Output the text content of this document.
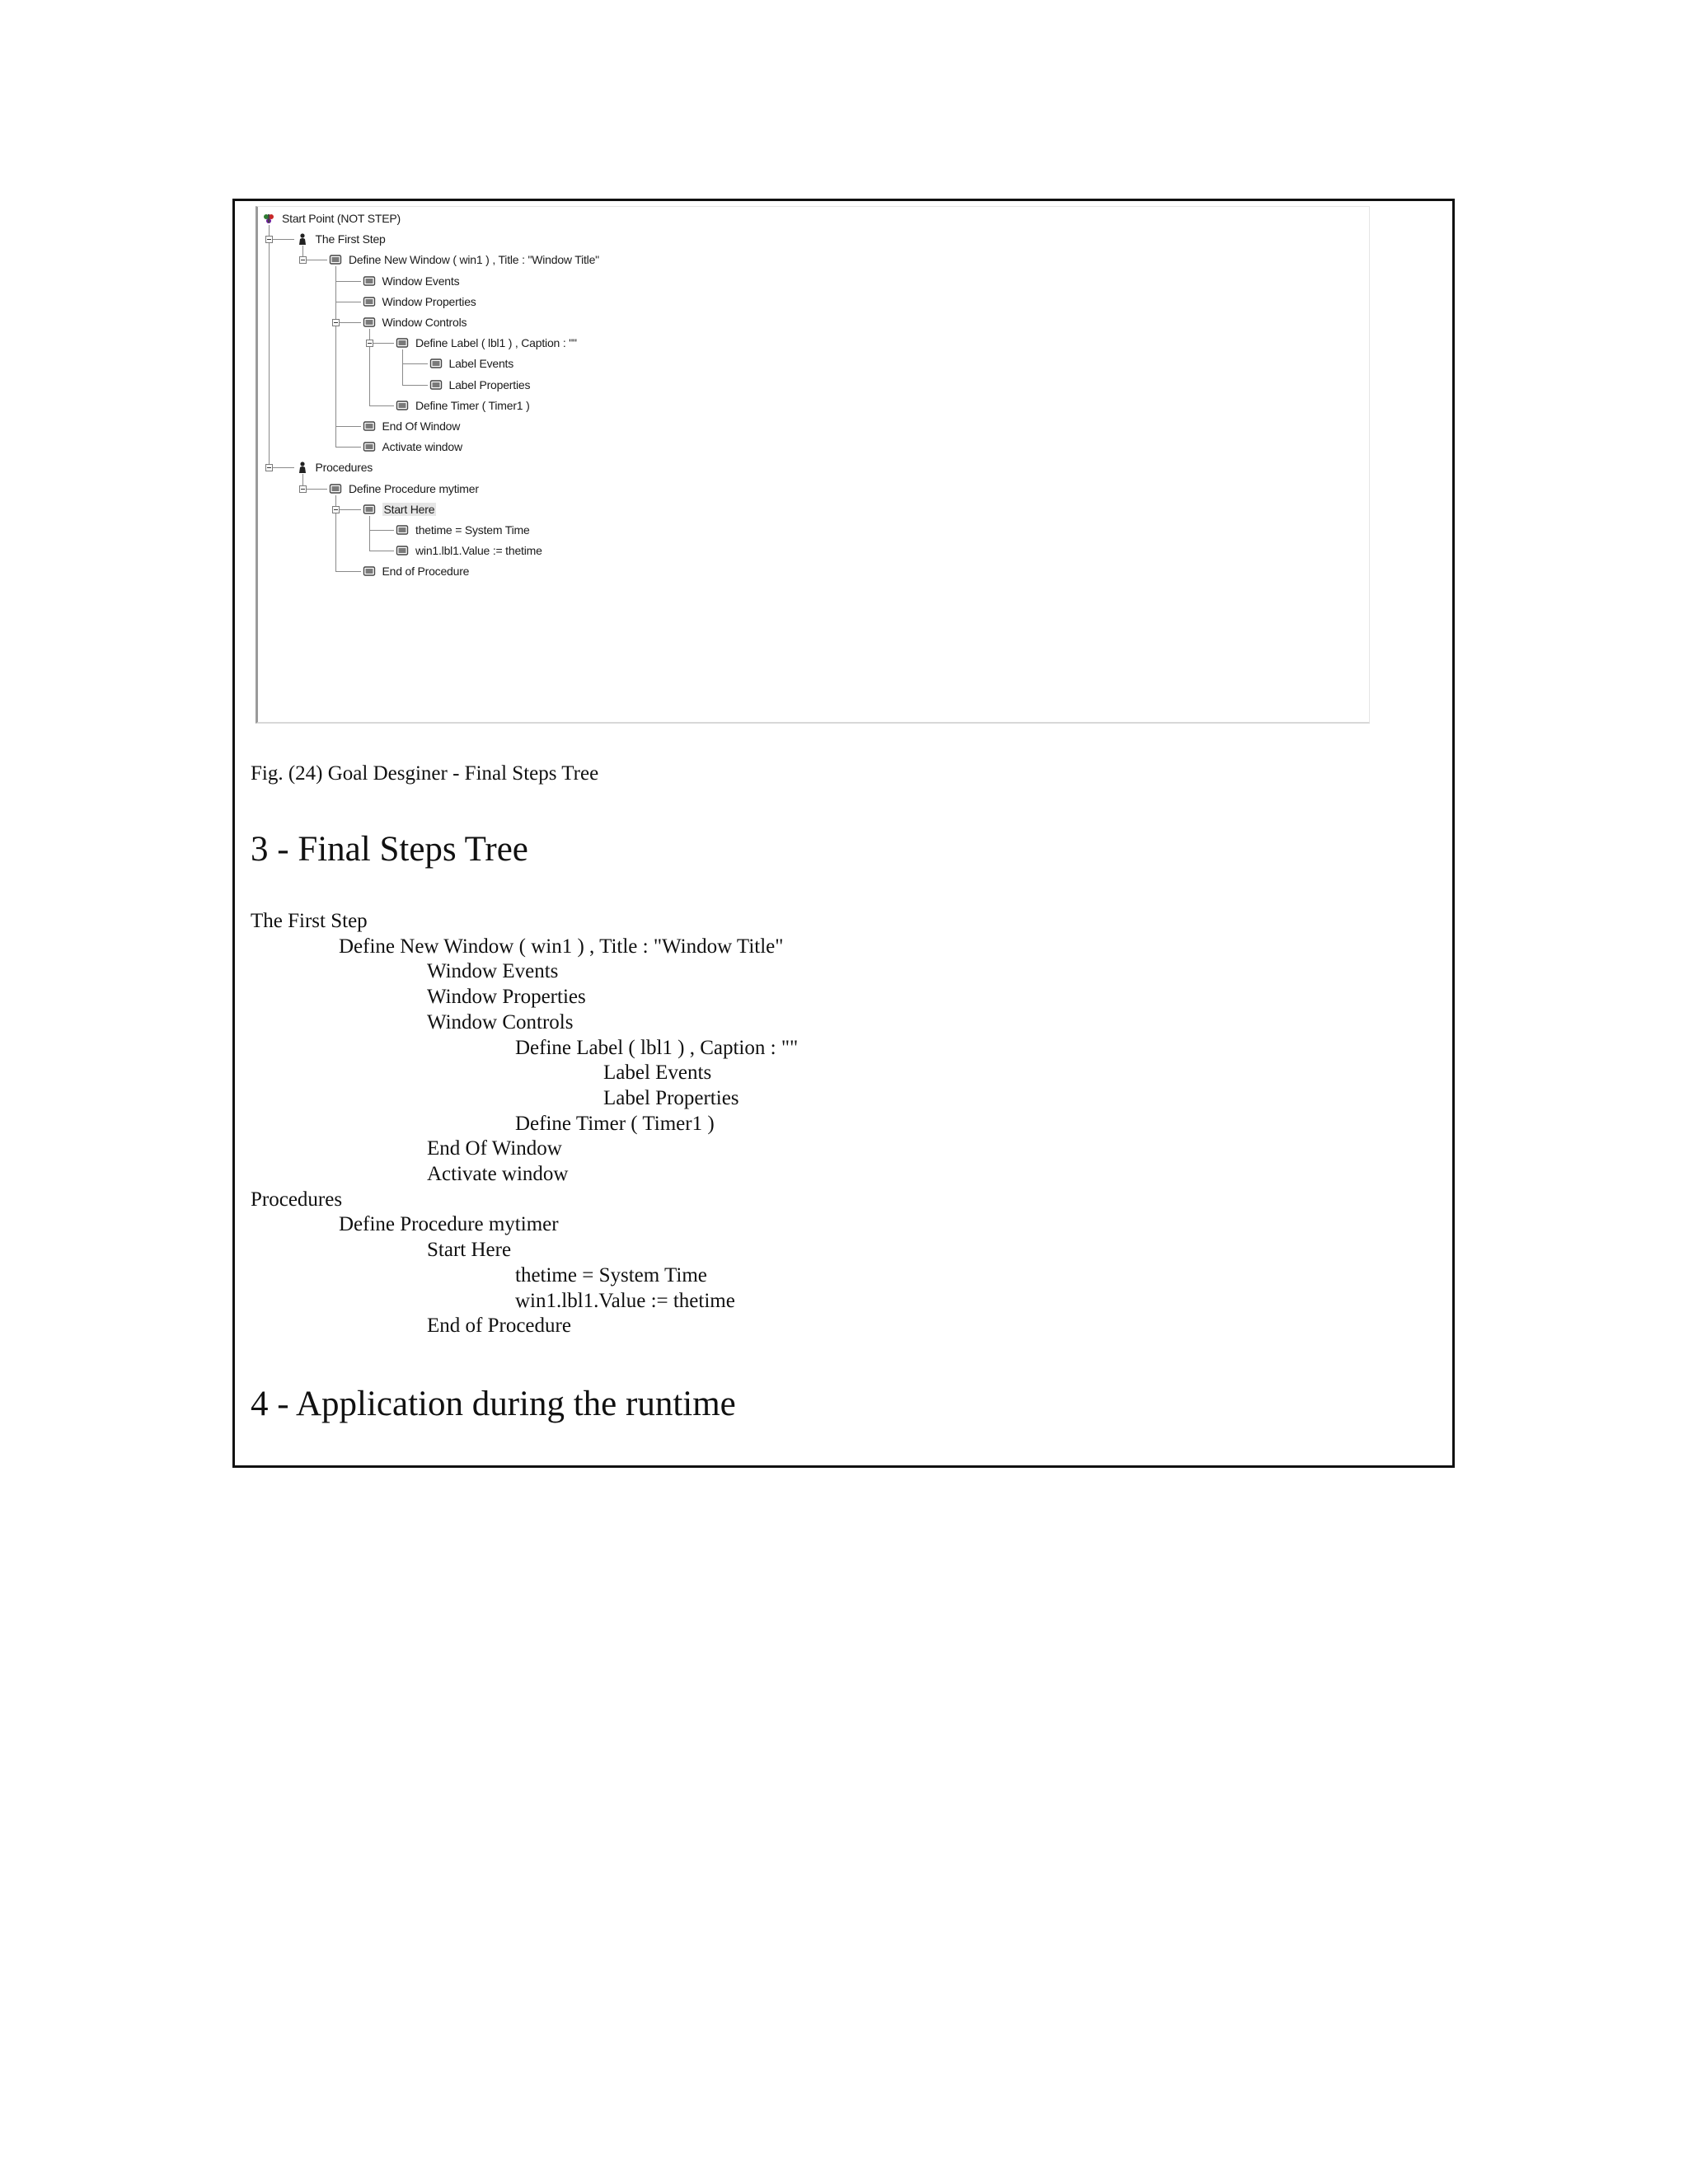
Start Point (NOT STEP)
The First Step
Define New Window ( win1 ) , Title : "Window Title"
Window Events
Window Properties
Window Controls
Define Label ( lbl1 ) , Caption : ""
Label Events
Label Properties
Define Timer ( Timer1 )
End Of Window
Activate window
Procedures
Define Procedure mytimer
Start Here
thetime = System Time
win1.lbl1.Value := thetime
End of Procedure
Fig. (24) Goal Desginer - Final Steps Tree
3 - Final Steps Tree
The First Step
Define New Window ( win1 ) , Title : "Window Title"
Window Events
Window Properties
Window Controls
Define Label ( lbl1 ) , Caption : ""
Label Events
Label Properties
Define Timer ( Timer1 )
End Of Window
Activate window
Procedures
Define Procedure mytimer
Start Here
thetime = System Time
win1.lbl1.Value := thetime
End of Procedure
4 - Application during the runtime
